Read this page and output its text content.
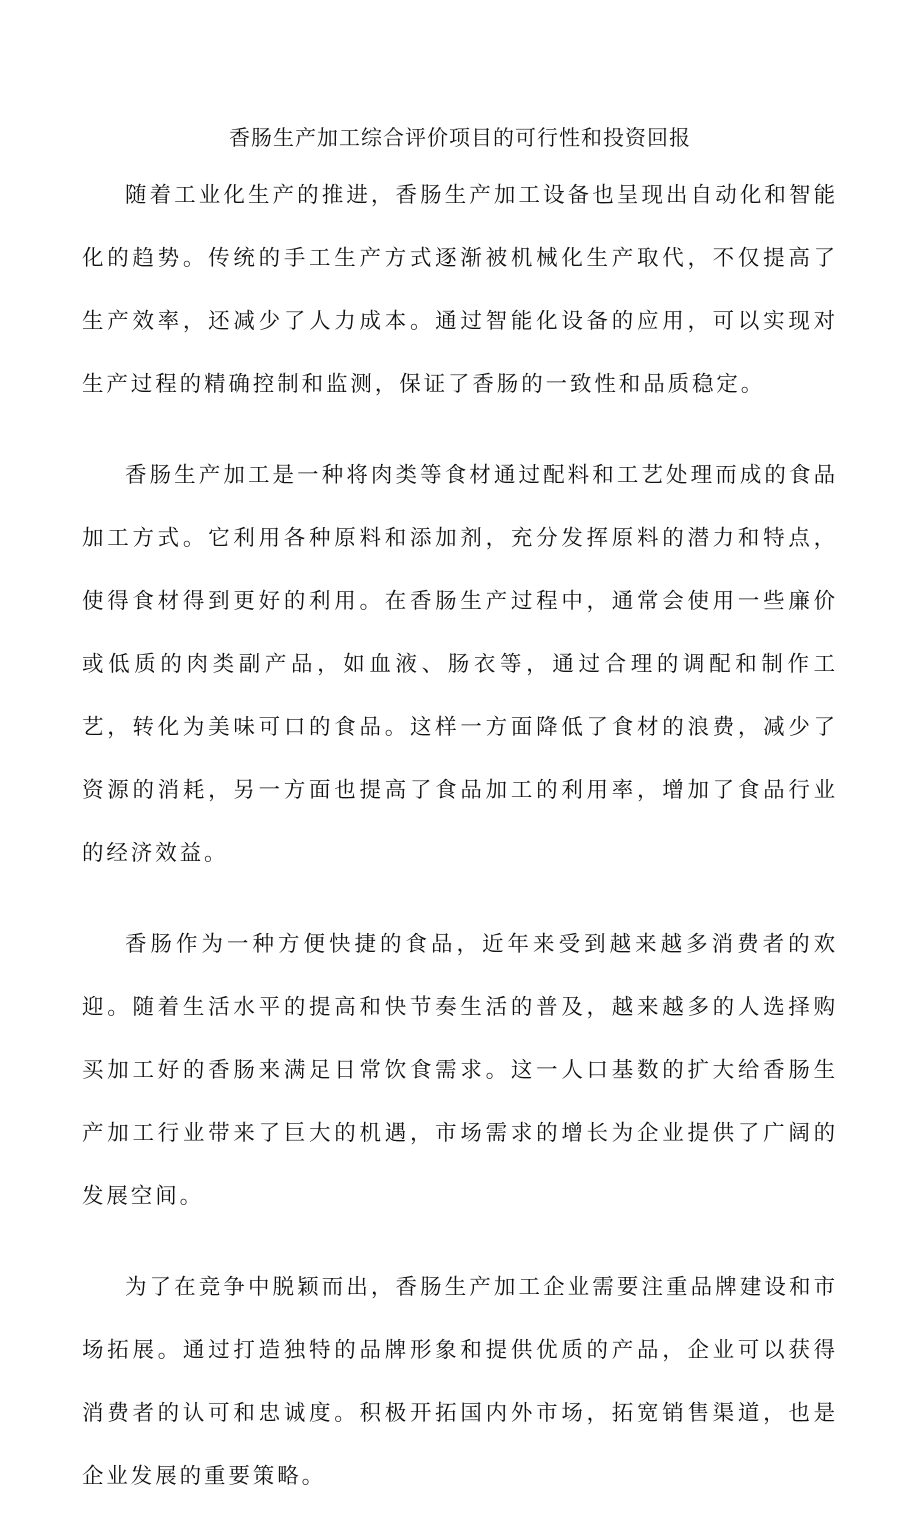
香肠生产加工综合评价项目的可行性和投资回报

随着工业化生产的推进，香肠生产加工设备也呈现出自动化和智能化的趋势。传统的手工生产方式逐渐被机械化生产取代，不仅提高了生产效率，还减少了人力成本。通过智能化设备的应用，可以实现对生产过程的精确控制和监测，保证了香肠的一致性和品质稳定。

香肠生产加工是一种将肉类等食材通过配料和工艺处理而成的食品加工方式。它利用各种原料和添加剂，充分发挥原料的潜力和特点，使得食材得到更好的利用。在香肠生产过程中，通常会使用一些廉价或低质的肉类副产品，如血液、肠衣等，通过合理的调配和制作工艺，转化为美味可口的食品。这样一方面降低了食材的浪费，减少了资源的消耗，另一方面也提高了食品加工的利用率，增加了食品行业的经济效益。

香肠作为一种方便快捷的食品，近年来受到越来越多消费者的欢迎。随着生活水平的提高和快节奏生活的普及，越来越多的人选择购买加工好的香肠来满足日常饮食需求。这一人口基数的扩大给香肠生产加工行业带来了巨大的机遇，市场需求的增长为企业提供了广阔的发展空间。

为了在竞争中脱颖而出，香肠生产加工企业需要注重品牌建设和市场拓展。通过打造独特的品牌形象和提供优质的产品，企业可以获得消费者的认可和忠诚度。积极开拓国内外市场，拓宽销售渠道，也是企业发展的重要策略。
